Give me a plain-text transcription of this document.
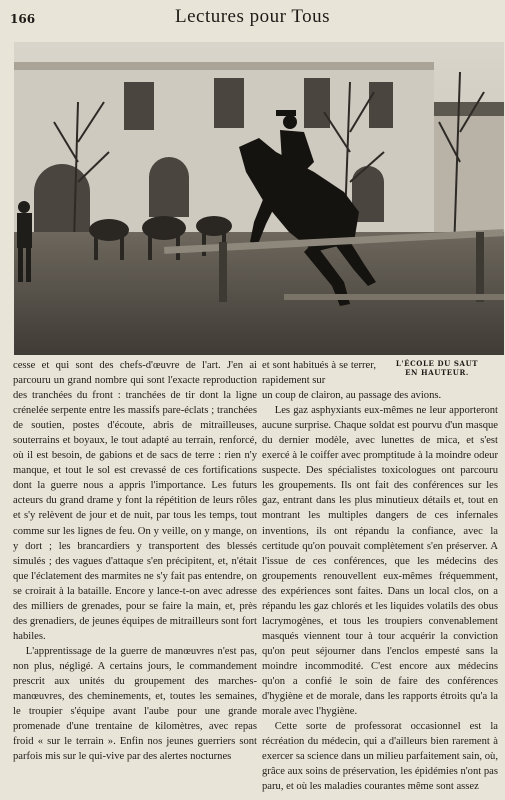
166	Lectures pour Tous
L'ÉCOLE DU SAUT
EN HAUTEUR.

cesse et qui sont des chefs-d'œuvre de l'art. J'en ai parcouru un grand nombre qui sont l'exacte reproduction des tranchées du front : tranchées de tir dont la ligne crénelée serpente entre les massifs pare-éclats ; tranchées de soutien, postes d'écoute, abris de mitrailleuses, souterrains et boyaux, le tout adapté au terrain, renforcé, où il est besoin, de gabions et de sacs de terre : rien n'y manque, et tout le sol est crevassé de ces fortifications dont la guerre nous a appris l'importance. Les futurs acteurs du grand drame y font la répétition de leurs rôles et s'y relèvent de jour et de nuit, par tous les temps, tout comme sur les lignes de feu. On y veille, on y mange, on y dort ; les brancardiers y transportent des blessés simulés ; des vagues d'attaque s'en précipitent, et, n'était que l'éclatement des marmites ne s'y fait pas entendre, on se croirait à la bataille. Encore y lance-t-on avec adresse des milliers de grenades, pour se faire la main, et, près des grenadiers, de jeunes équipes de mitrailleurs sont fort habiles.

L'apprentissage de la guerre de manœuvres n'est pas, non plus, négligé. A certains jours, le commandement prescrit aux unités du groupement des marches-manœuvres, des cheminements, et, toutes les semaines, le troupier s'équipe avant l'aube pour une grande promenade d'une trentaine de kilomètres, avec repas froid « sur le terrain ». Enfin nos jeunes guerriers sont parfois mis sur le qui-vive par des alertes nocturnes

et sont habitués à se terrer, rapidement sur

un coup de clairon, au passage des avions.

Les gaz asphyxiants eux-mêmes ne leur apporteront aucune surprise. Chaque soldat est pourvu d'un masque du dernier modèle, avec lunettes de mica, et s'est exercé à le coiffer avec promptitude à la moindre odeur suspecte. Des spécialistes toxicologues ont parcouru les groupements. Ils ont fait des conférences sur les gaz, entrant dans les plus minutieux détails et, tout en montrant les multiples dangers de ces infernales inventions, ils ont répandu la confiance, avec la certitude qu'on pouvait complètement s'en préserver. A l'issue de ces conférences, que les médecins des groupements renouvellent eux-mêmes fréquemment, des expériences sont faites. Dans un local clos, on a répandu les gaz chlorés et les liquides volatils des obus lacrymogènes, et tous les troupiers convenablement masqués viennent tour à tour acquérir la conviction qu'on peut séjourner dans l'enclos empesté sans la moindre incommodité. C'est encore aux médecins qu'on a confié le soin de faire des conférences d'hygiène et de morale, dans les rapports étroits qu'a la morale avec l'hygiène.

Cette sorte de professorat occasionnel est la récréation du médecin, qui a d'ailleurs bien rarement à exercer sa science dans un milieu parfaitement sain, où, grâce aux soins de préservation, les épidémies n'ont pas paru, et où les maladies courantes même sont assez
